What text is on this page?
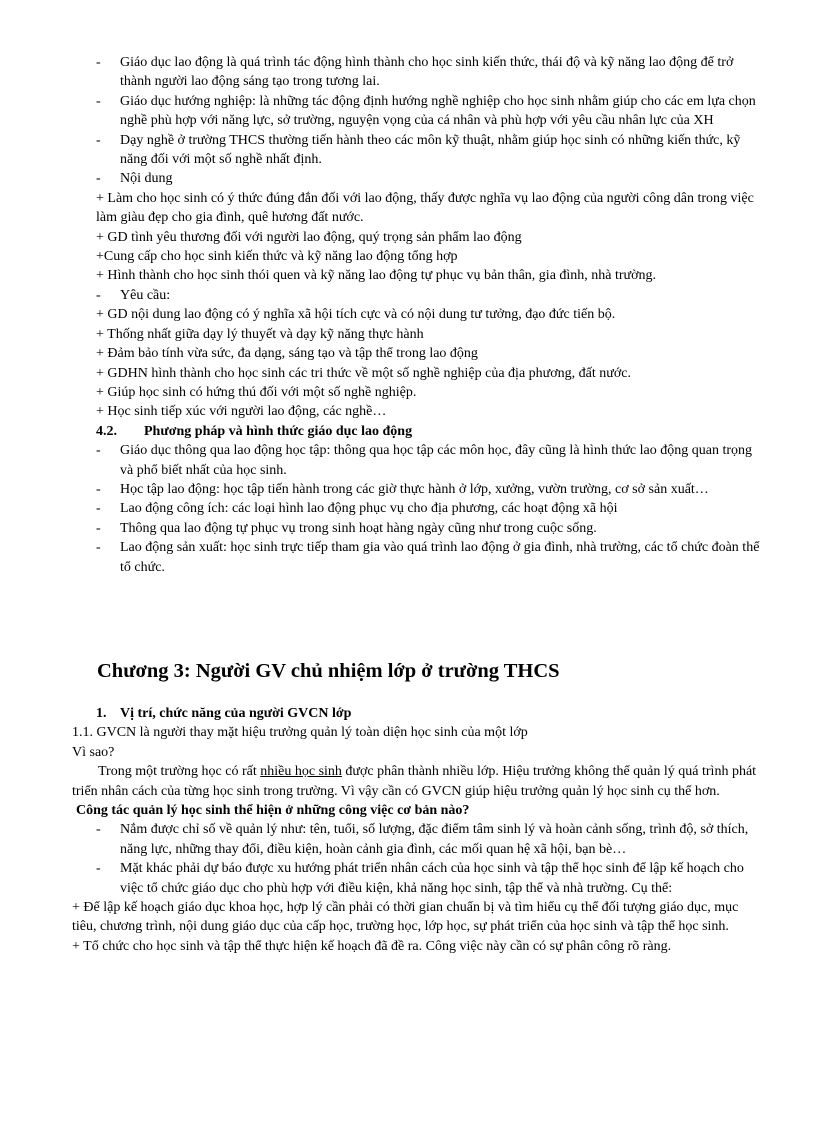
-	Giáo dục lao động là quá trình tác động hình thành cho học sinh kiến thức, thái độ và kỹ năng lao động để trở thành người lao động sáng tạo trong tương lai.
-	Giáo dục hướng nghiệp: là những tác động định hướng nghề nghiệp cho học sinh nhằm giúp cho các em lựa chọn nghề phù hợp với năng lực, sở trường, nguyện vọng của cá nhân và phù hợp với yêu cầu nhân lực của XH
-	Dạy nghề ở trường THCS thường tiến hành theo các môn kỹ thuật, nhằm giúp học sinh có những kiến thức, kỹ năng đối với một số nghề nhất định.
-	Nội dung

+ Làm cho học sinh có ý thức đúng đắn đối với lao động, thấy được nghĩa vụ lao động của người công dân trong việc làm giàu đẹp cho gia đình, quê hương đất nước.

+ GD tình yêu thương đối với người lao động, quý trọng sản phẩm lao động

+Cung cấp cho học sinh kiến thức và kỹ năng lao động tổng hợp

+ Hình thành cho học sinh thói quen và kỹ năng lao động tự phục vụ bản thân, gia đình, nhà trường.

-	Yêu cầu:

+ GD nội dung lao động có ý nghĩa xã hội tích cực và có nội dung tư tưởng, đạo đức tiến bộ.

+ Thống nhất giữa dạy lý thuyết và dạy kỹ năng thực hành

+ Đảm bảo tính vừa sức, đa dạng, sáng tạo và tập thể trong lao động

+ GDHN hình thành cho học sinh các tri thức về một số nghề nghiệp của địa phương, đất nước.

+ Giúp học sinh có hứng thú đối với một số nghề nghiệp.

+ Học sinh tiếp xúc với người lao động, các nghề…

4.2. Phương pháp và hình thức giáo dục lao động

-	Giáo dục thông qua lao động học tập: thông qua học tập các môn học, đây cũng là hình thức lao động quan trọng và phổ biết nhất của học sinh.
-	Học tập lao động: học tập tiến hành trong các giờ thực hành ở lớp, xưởng, vườn trường, cơ sở sản xuất…
-	Lao động công ích: các loại hình lao động phục vụ cho địa phương, các hoạt động xã hội
-	Thông qua lao động tự phục vụ trong sinh hoạt hàng ngày cũng như trong cuộc sống.
-	Lao động sản xuất: học sinh trực tiếp tham gia vào quá trình lao động ở gia đình, nhà trường, các tổ chức đoàn thể tổ chức.
Chương 3: Người GV chủ nhiệm lớp ở trường THCS
1. Vị trí, chức năng của người GVCN lớp
1.1. GVCN là người thay mặt hiệu trưởng quản lý toàn diện học sinh của một lớp
Vì sao?
Trong một trường học có rất nhiều học sinh được phân thành nhiều lớp. Hiệu trưởng không thể quản lý quá trình phát triển nhân cách của từng học sinh trong trường. Vì vậy cần có GVCN giúp hiệu trưởng quản lý học sinh cụ thể hơn.
Công tác quản lý học sinh thể hiện ở những công việc cơ bản nào?
-	Nắm được chỉ số về quản lý như: tên, tuổi, số lượng, đặc điểm tâm sinh lý và hoàn cảnh sống, trình độ, sở thích, năng lực, những thay đổi, điều kiện, hoàn cảnh gia đình, các mối quan hệ xã hội, bạn bè…
-	Mặt khác phải dự báo được xu hướng phát triển nhân cách của học sinh và tập thể học sinh để lập kế hoạch cho việc tổ chức giáo dục cho phù hợp với điều kiện, khả năng học sinh, tập thể và nhà trường. Cụ thể:

+ Để lập kế hoạch giáo dục khoa học, hợp lý cần phải có thời gian chuẩn bị và tìm hiểu cụ thể đối tượng giáo dục, mục tiêu, chương trình, nội dung giáo dục của cấp học, trường học, lớp học, sự phát triển của học sinh và tập thể học sinh.

+ Tổ chức cho học sinh và tập thể thực hiện kế hoạch đã đề ra. Công việc này cần có sự phân công rõ ràng.
